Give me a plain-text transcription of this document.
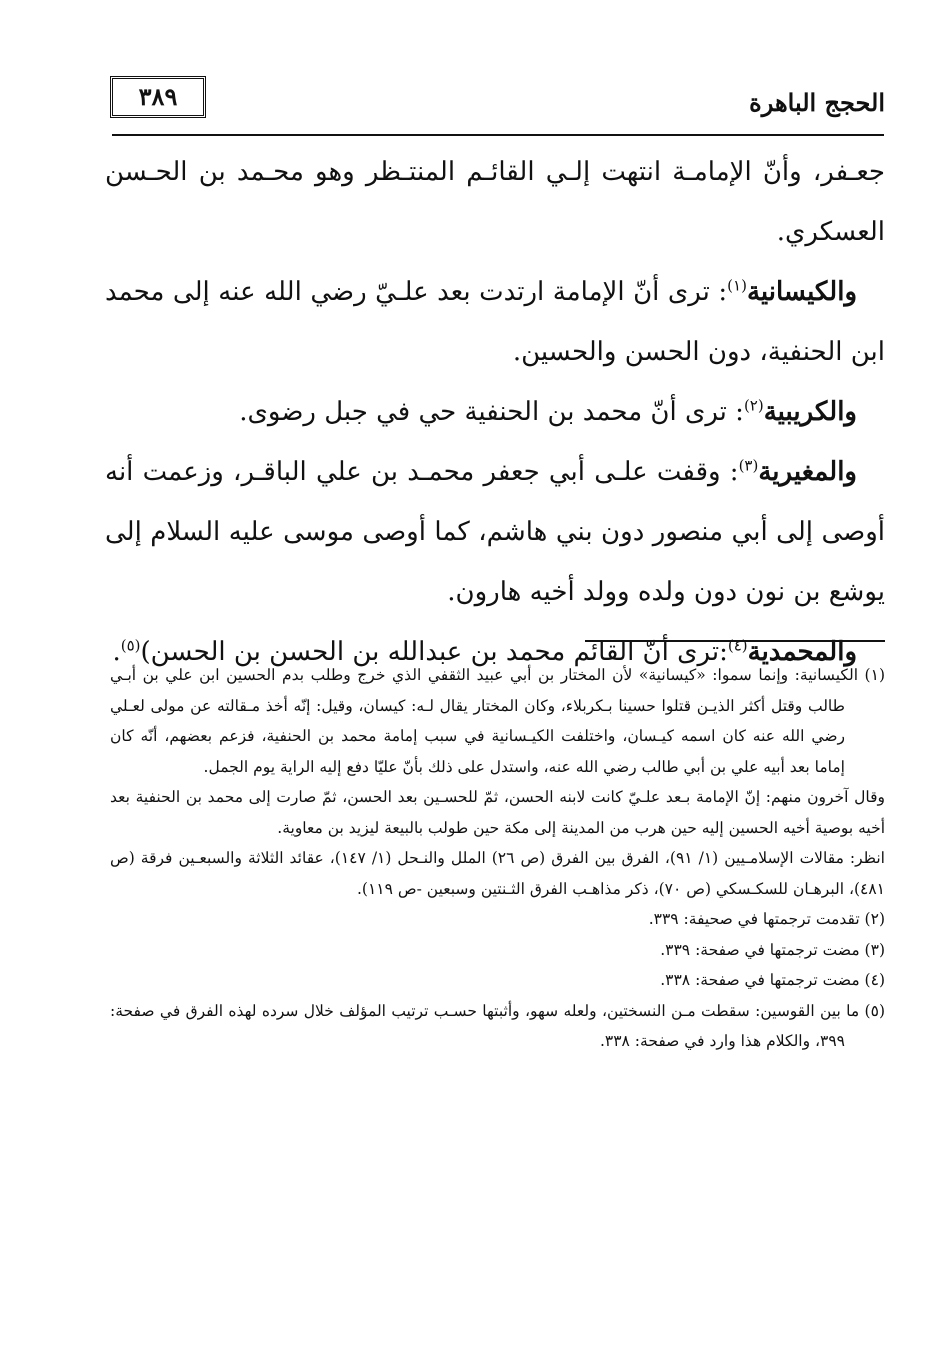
الحجج الباهرة
٣٨٩

جعـفر، وأنّ الإمامـة انتهت إلـي القائـم المنتـظر وهو محـمد بن الحـسن العسكري.

والكيسانية$^{(١)}$: ترى أنّ الإمامة ارتدت بعد علـيّ رضي الله عنه إلى محمد ابن الحنفية، دون الحسن والحسين.

والكريبية$^{(٢)}$: ترى أنّ محمد بن الحنفية حي في جبل رضوى.

والمغيرية$^{(٣)}$: وقفت علـى أبي جعفر محمـد بن علي الباقـر، وزعمت أنه أوصى إلى أبي منصور دون بني هاشم، كما أوصى موسى عليه السلام إلى يوشع بن نون دون ولده وولد أخيه هارون.

والمحمدية$^{(٤)}$:ترى أنّ القائم محمد بن عبدالله بن الحسن بن الحسن)$^{(٥)}$.

(١) الكيسانية: وإنما سموا: «كيسانية» لأن المختار بن أبي عبيد الثقفي الذي خرج وطلب بدم الحسين ابن علي بن أبـي طالب وقتل أكثر الذيـن قتلوا حسينا بـكربلاء، وكان المختار يقال لـه: كيسان، وقيل: إنّه أخذ مـقالته عن مولى لعـلي رضي الله عنه كان اسمه كيـسان، واختلفت الكيـسانية في سبب إمامة محمد بن الحنفية، فزعم بعضهم، أنّه كان إماما بعد أبيه علي بن أبي طالب رضي الله عنه، واستدل على ذلك بأنّ عليّا دفع إليه الراية يوم الجمل.

وقال آخرون منهم: إنّ الإمامة بـعد علـيّ كانت لابنه الحسن، ثمّ للحسـين بعد الحسن، ثمّ صارت إلى محمد بن الحنفية بعد أخيه بوصية أخيه الحسين إليه حين هرب من المدينة إلى مكة حين طولب بالبيعة ليزيد بن معاوية.

انظر: مقالات الإسلامـيين (١/ ٩١)، الفرق بين الفرق (ص ٢٦) الملل والنـحل (١/ ١٤٧)، عقائد الثلاثة والسبعـين فرقة (ص ٤٨١)، البرهـان للسكـسكي (ص ٧٠)، ذكر مذاهـب الفرق الثـنتين وسبعين -ص ١١٩).

(٢) تقدمت ترجمتها في صحيفة: ٣٣٩.

(٣) مضت ترجمتها في صفحة: ٣٣٩.

(٤) مضت ترجمتها في صفحة: ٣٣٨.

(٥) ما بين القوسين: سقطت مـن النسختين، ولعله سهو، وأثبتها حسـب ترتيب المؤلف خلال سرده لهذه الفرق في صفحة: ٣٩٩، والكلام هذا وارد في صفحة: ٣٣٨.
